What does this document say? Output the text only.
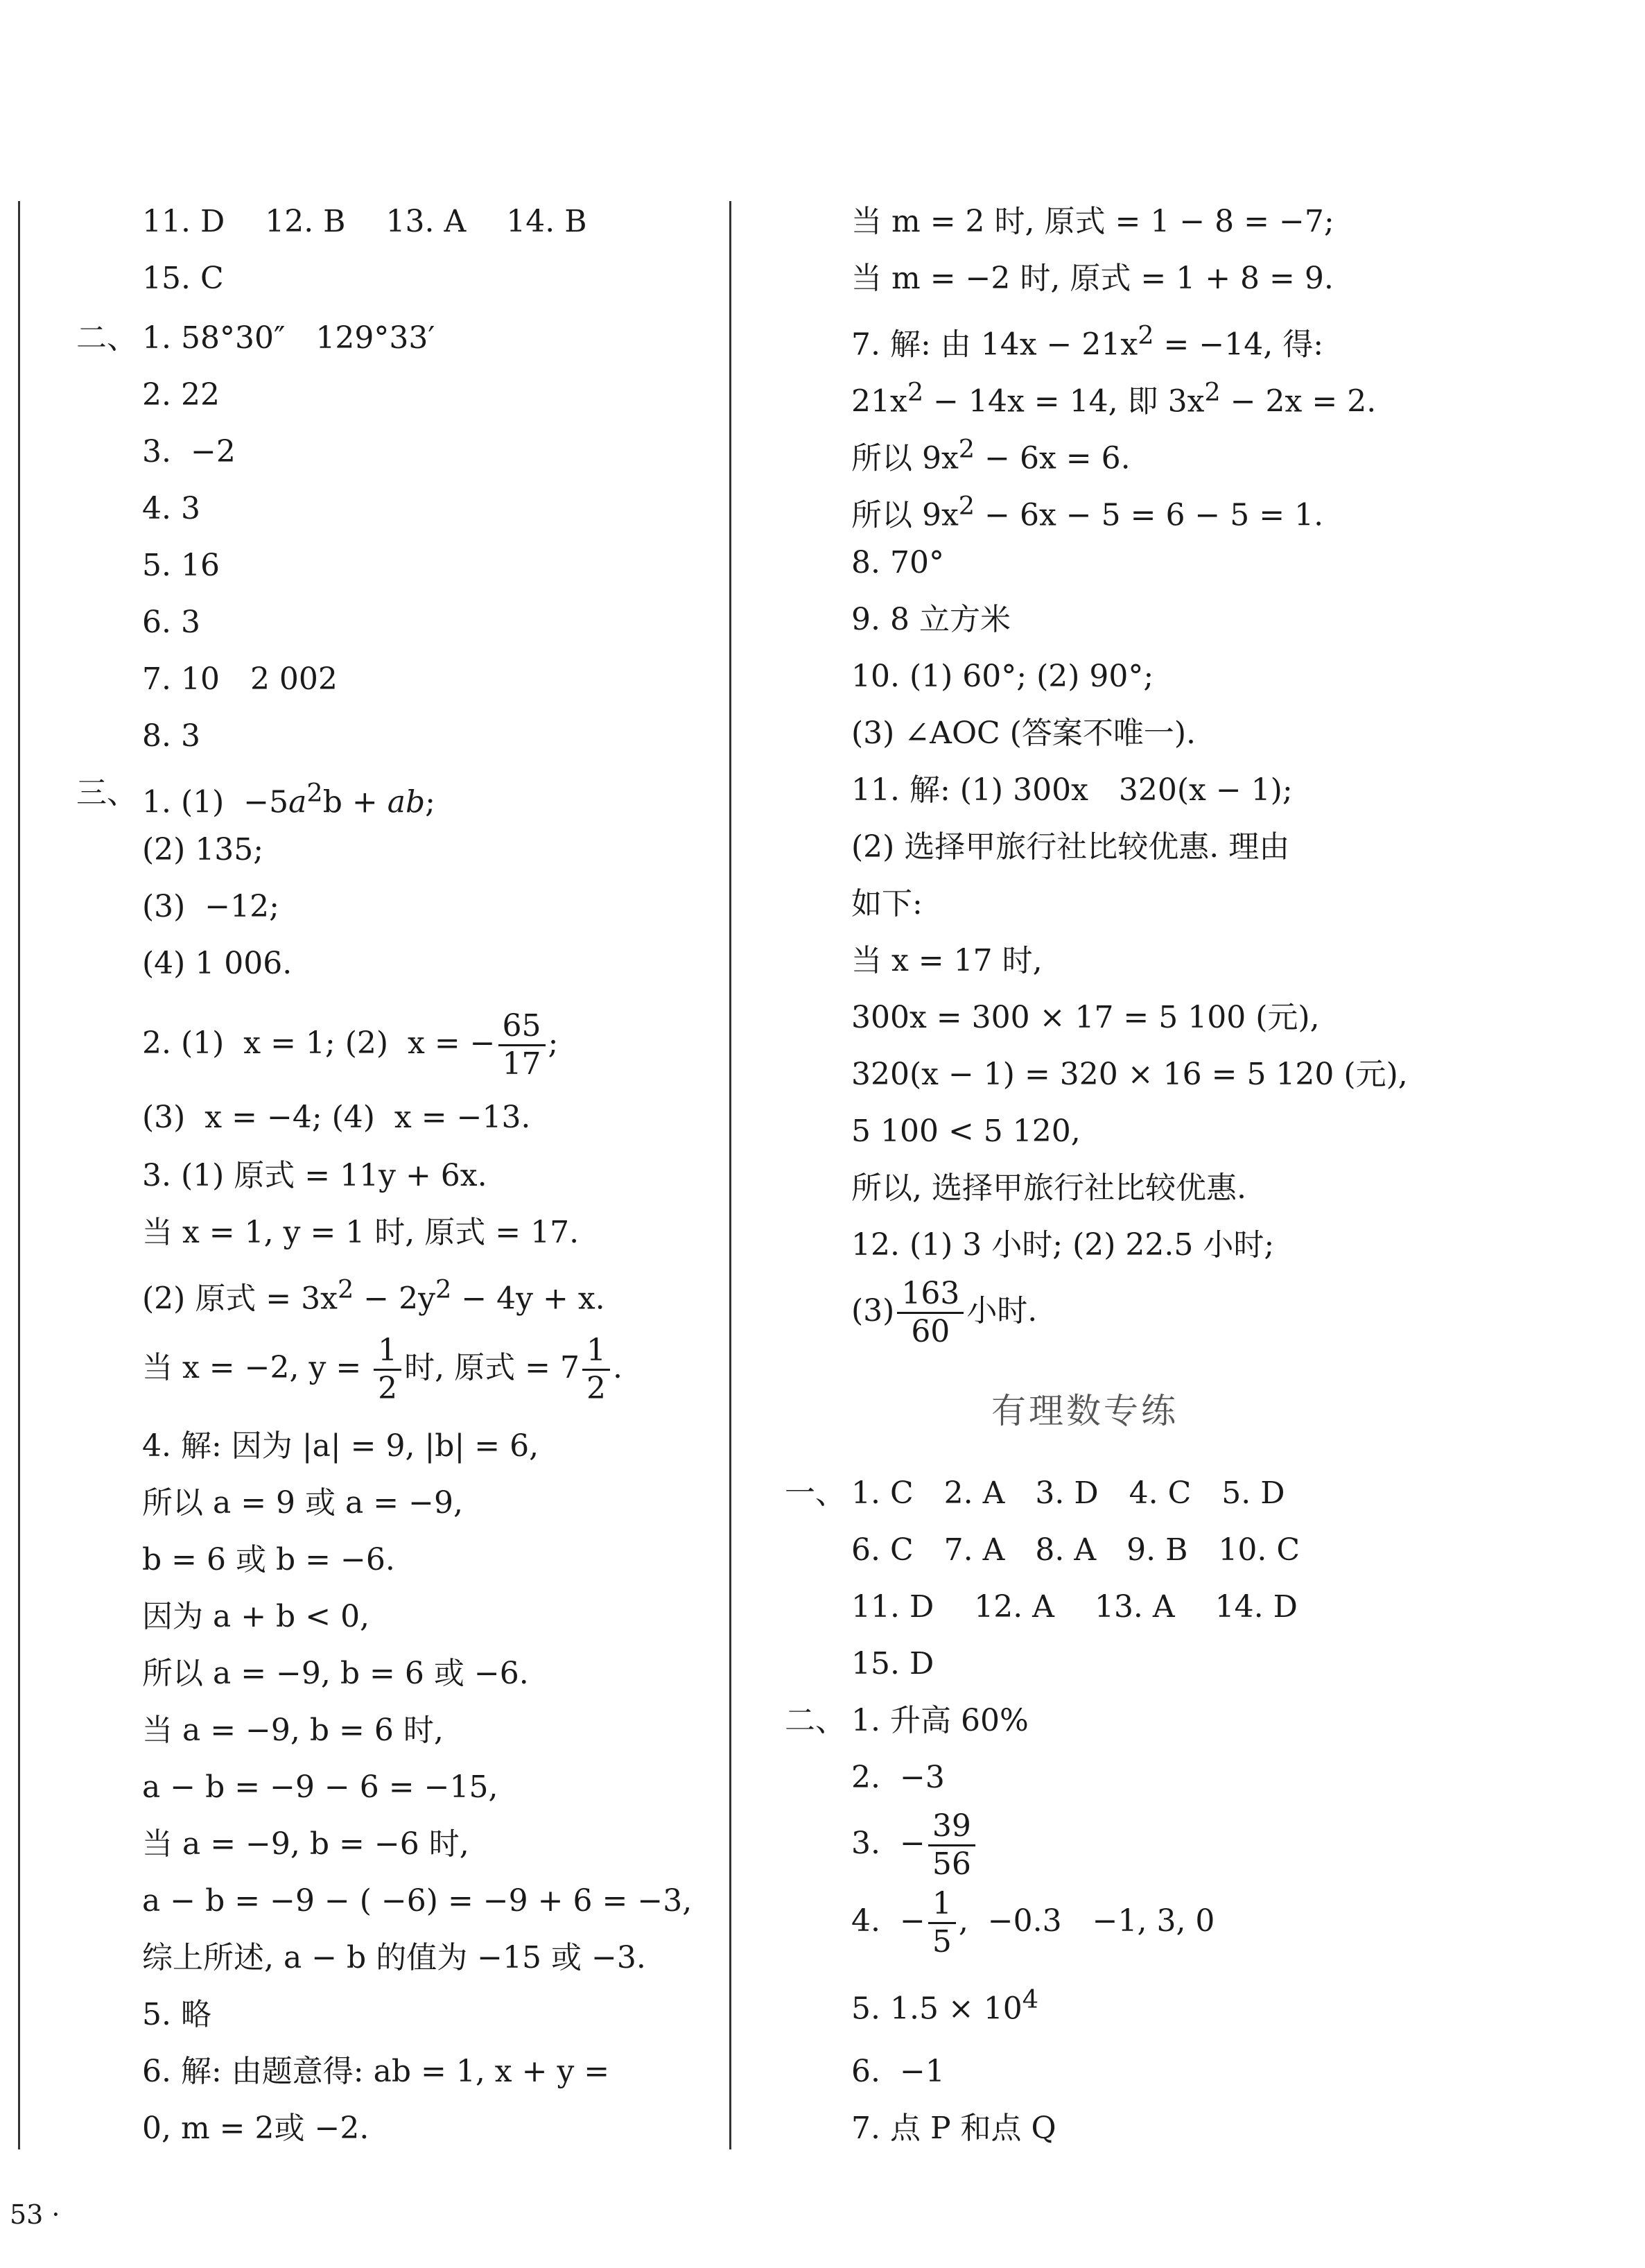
11. D　 12. B　 13. A　 14. B
15. C
二、 1. 58°30″　129°33′
2. 22
3.  −2
4. 3
5. 16
6. 3
7. 10　2 002
8. 3
三、 1. $(1) -5a^2b$ + ab;
(2) 135;
(3)  −12;
(4) 1 006.
2. (1)  x = 1; (2)  x = − $\frac{65}{17}$ ;
(3)  x = −4; (4)  x = −13.
3. (1) 原式 = 11y + 6x.
当 x = 1, y = 1 时, 原式 = 17.
(2) 原式 = $3x^2 - 2y^2 - 4y + x$.
当 x = −2, $y = \frac{1}{2}$ 时, 原式 = $7 \frac{1}{2}$ .
4. 解: 因为 |a| = 9, |b| = 6,
所以 a = 9 或 a = −9,
b = 6 或 b = −6.
因为 a + b < 0,
所以 a = −9, b = 6 或 −6.
当 a = −9, b = 6 时,
a − b = −9 − 6 = −15,
当 a = −9, b = −6 时,
a − b = −9 − ( −6) = −9 + 6 = −3,
综上所述, a − b 的值为 −15 或 −3.
5. 略
6. 解: 由题意得: ab = 1, x + y =
0, m = 2或 −2.
当 m = 2 时, 原式 = 1 − 8 = −7;
当 m = −2 时, 原式 = 1 + 8 = 9.
7. 解: 由 $14x - 21x^2 = -14$, 得:
$21x^2 - 14x = 14$, 即 $3x^2 - 2x = 2$.
所以 $9x^2 - 6x = 6$.
所以 $9x^2 - 6x - 5 = 6 - 5 = 1$.
8. 70°
9. 8 立方米
10. (1) 60°; (2) 90°;
(3) ∠AOC (答案不唯一).
11. 解: (1) 300x　320(x − 1);
(2) 选择甲旅行社比较优惠. 理由
如下:
当 x = 17 时,
300x = 300 × 17 = 5 100 (元),
320(x − 1) = 320 × 16 = 5 120 (元),
5 100 < 5 120,
所以, 选择甲旅行社比较优惠.
12. (1) 3 小时; (2) 22.5 小时;
$(3) \frac{163}{60}$ 小时.
有理数专练
一、 1. C　2. A　3. D　4. C　5. D
6. C　7. A　8. A　9. B　10. C
11. D　 12. A　 13. A　 14. D
15. D
二、 1. 升高 60%
2.  −3
3.  − $\frac{39}{56}$
4.  − $\frac{1}{5}$ ,  −0.3　−1, 3, 0
5. $1.5 \times 10^4$
6.  −1
7. 点 P 和点 Q
53 ·
